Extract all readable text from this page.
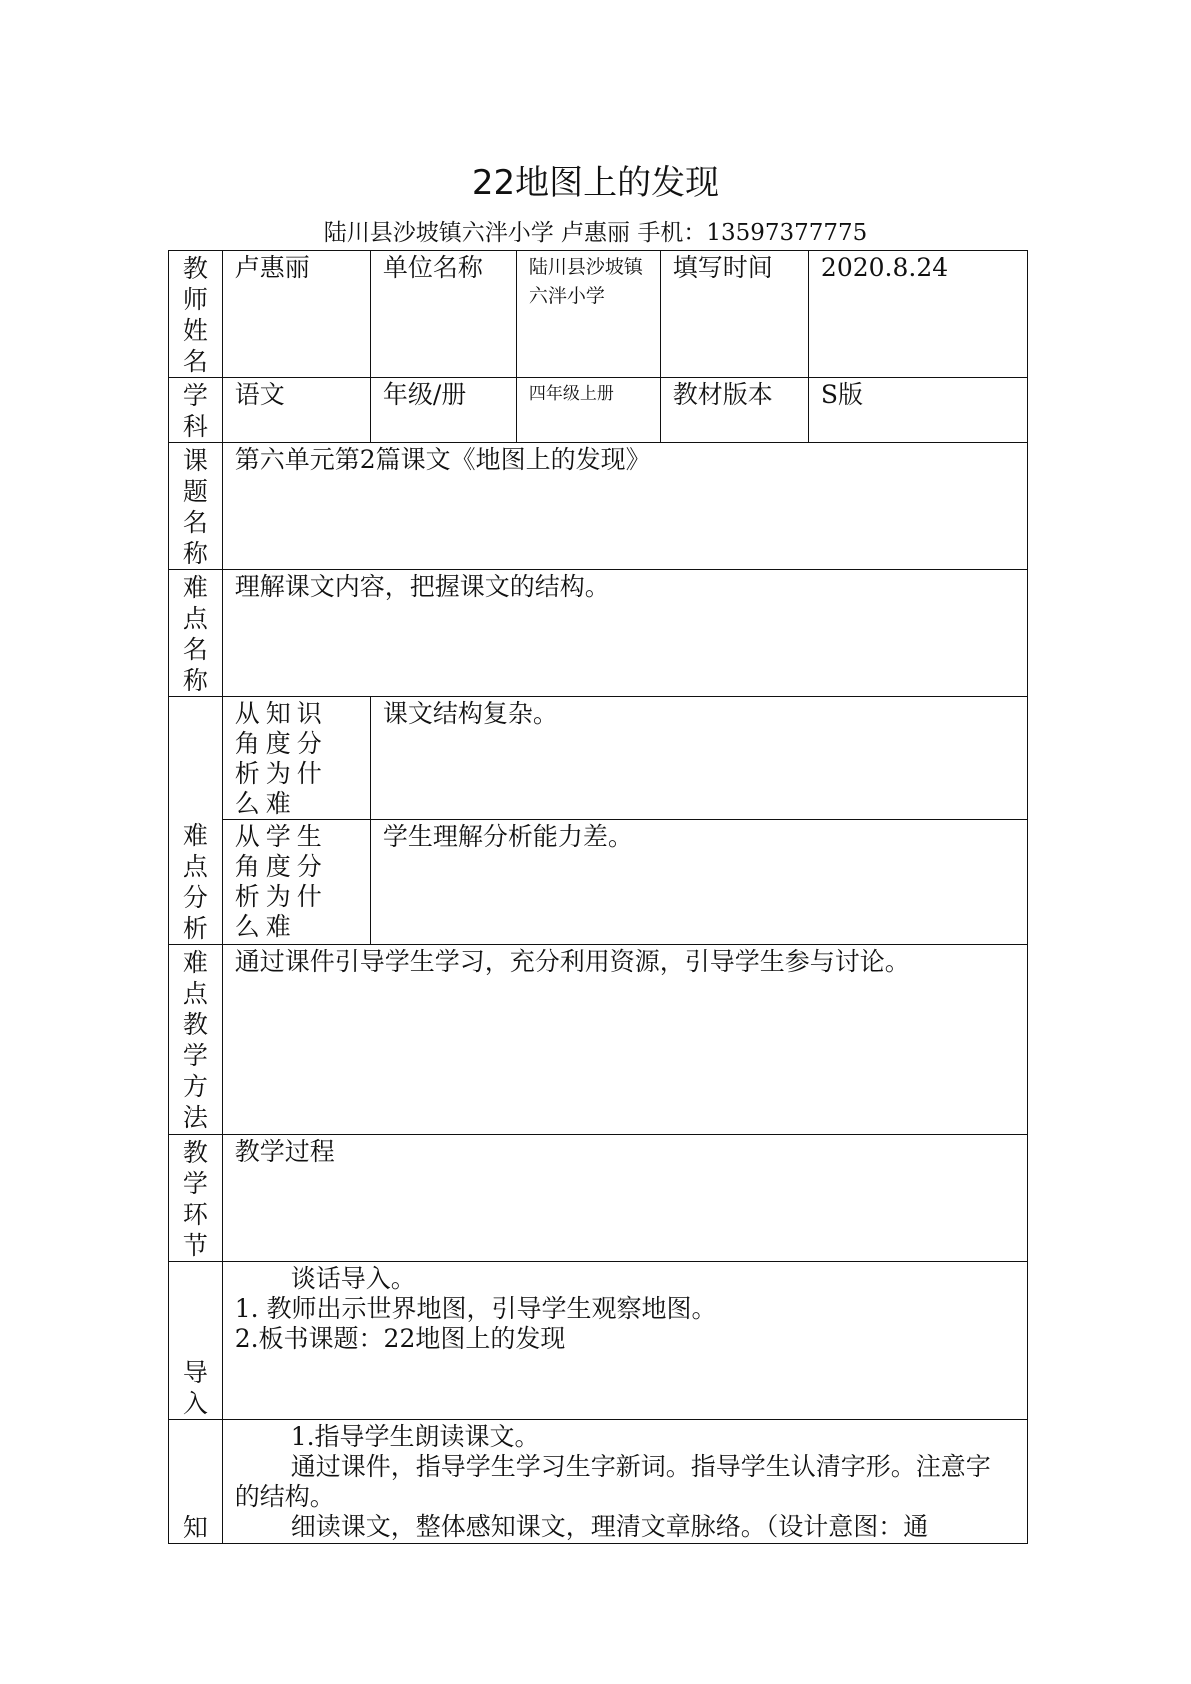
22地图上的发现
陆川县沙坡镇六泮小学 卢惠丽 手机：13597377775
教师姓名	卢惠丽	单位名称	陆川县沙坡镇六泮小学	填写时间	2020.8.24

学科	语文	年级/册	四年级上册	教材版本	S版

课题名称	第六单元第2篇课文《地图上的发现》				

难点名称	理解课文内容，把握课文的结构。				

难点分析	从知识角度分析为什么难	课文结构复杂。			
	从学生角度分析为什么难	学生理解分析能力差。			

难点教学方法	通过课件引导学生学习，充分利用资源，引导学生参与讨论。				

教学环节	教学过程				

导入	谈话导入。

1. 教师出示世界地图，引导学生观察地图。

2.板书课题：22地图上的发现				

知	1.指导学生朗读课文。

通过课件，指导学生学习生字新词。指导学生认清字形。注意字的结构。

细读课文，整体感知课文，理清文章脉络。（设计意图：通				
